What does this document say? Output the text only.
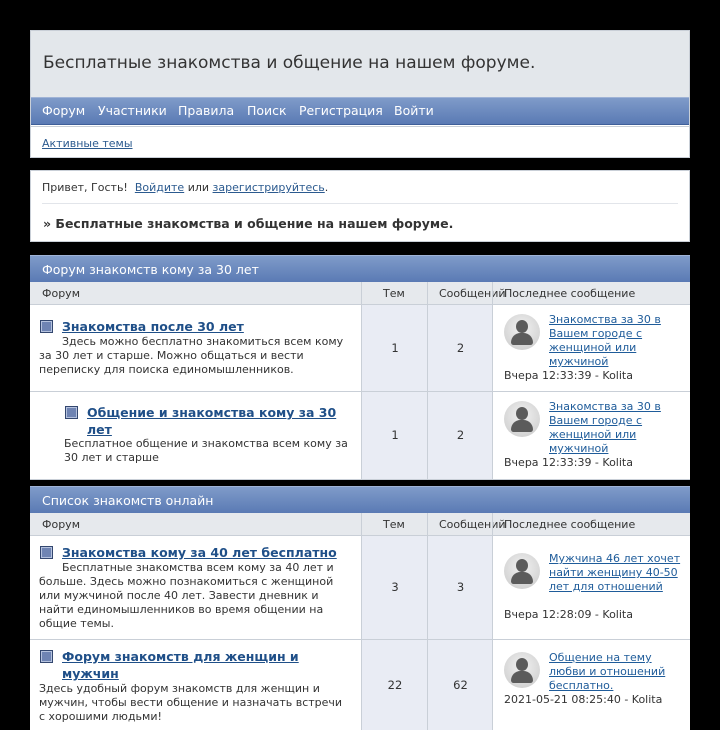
Бесплатные знакомства и общение на нашем форуме.
Форум Участники Правила Поиск Регистрация Войти
Активные темы
Привет, Гость! Войдите или зарегистрируйтесь.
» Бесплатные знакомства и общение на нашем форуме.
Форум знакомств кому за 30 лет
Форум	Тем	Сообщений
Последнее сообщение
Знакомства после 30 лет
Здесь можно бесплатно знакомиться всем кому за 30 лет и старше. Можно общаться и вести переписку для поиска единомышленников.
1	2
Знакомства за 30 в Вашем городе с женщиной или мужчиной
Вчера 12:33:39 - Kolita
Общение и знакомства кому за 30 лет
Бесплатное общение и знакомства всем кому за 30 лет и старше
1	2
Знакомства за 30 в Вашем городе с женщиной или мужчиной
Вчера 12:33:39 - Kolita
Список знакомств онлайн
Форум	Тем	Сообщений
Последнее сообщение
Знакомства кому за 40 лет бесплатно
Бесплатные знакомства всем кому за 40 лет и больше. Здесь можно познакомиться с женщиной или мужчиной после 40 лет. Завести дневник и найти единомышленников во время общении на общие темы.
3	3
Мужчина 46 лет хочет найти женщину 40-50 лет для отношений
Вчера 12:28:09 - Kolita
Форум знакомств для женщин и мужчин
Здесь удобный форум знакомств для женщин и мужчин, чтобы вести общение и назначать встречи с хорошими людьми!
22	62
Общение на тему любви и отношений бесплатно.
2021-05-21 08:25:40 - Kolita
